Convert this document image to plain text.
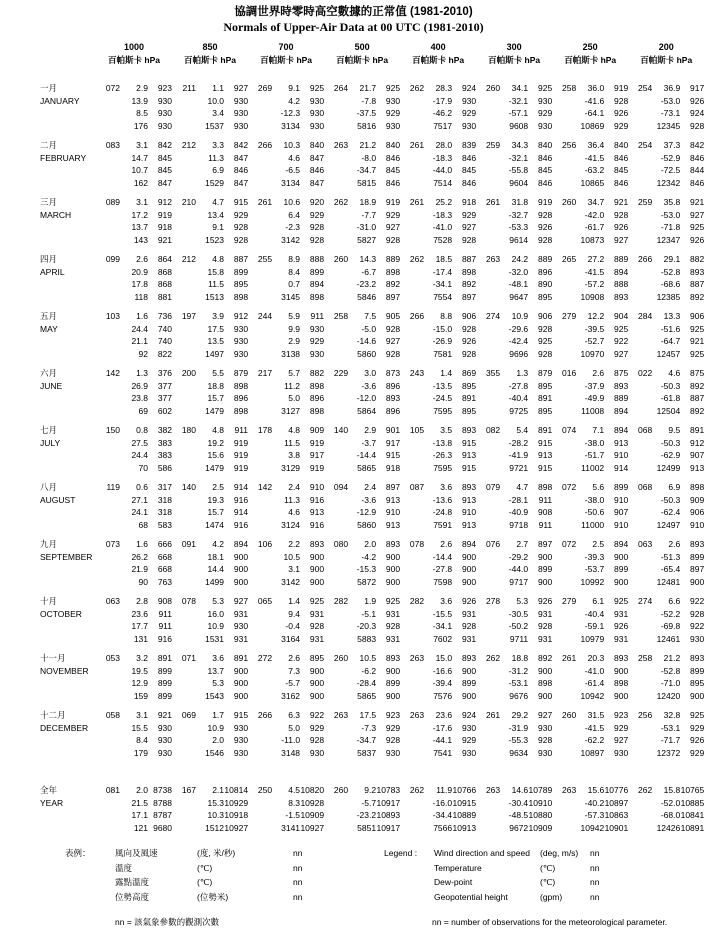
協調世界時零時高空數據的正常值 (1981-2010)
Normals of Upper-Air Data at 00 UTC (1981-2010)
	1000			850			700			500			400			300			250			200		
	百帕斯卡 hPa			百帕斯卡 hPa			百帕斯卡 hPa			百帕斯卡 hPa			百帕斯卡 hPa			百帕斯卡 hPa			百帕斯卡 hPa			百帕斯卡 hPa		

一月	072	2.9	923	211	1.1	927	269	9.1	925	264	21.7	925	262	28.3	924	260	34.1	925	258	36.0	919	254	36.9	917
JANUARY		13.9	930		10.0	930		4.2	930		-7.8	930		-17.9	930		-32.1	930		-41.6	928		-53.0	926
		8.5	930		3.4	930		-12.3	930		-37.5	929		-46.2	929		-57.1	929		-64.1	926		-73.1	924
		176	930		1537	930		3134	930		5816	930		7517	930		9608	930		10869	929		12345	928

二月	083	3.1	842	212	3.3	842	266	10.3	840	263	21.2	840	261	28.0	839	259	34.3	840	256	36.4	840	254	37.3	842
FEBRUARY		14.7	845		11.3	847		4.6	847		-8.0	846		-18.3	846		-32.1	846		-41.5	846		-52.9	846
		10.7	845		6.9	846		-6.5	846		-34.7	845		-44.0	845		-55.8	845		-63.2	845		-72.5	844
		162	847		1529	847		3134	847		5815	846		7514	846		9604	846		10865	846		12342	846

三月	089	3.1	912	210	4.7	915	261	10.6	920	262	18.9	919	261	25.2	918	261	31.8	919	260	34.7	921	259	35.8	921
MARCH		17.2	919		13.4	929		6.4	929		-7.7	929		-18.3	929		-32.7	928		-42.0	928		-53.0	927
		13.7	918		9.1	928		-2.3	928		-31.0	927		-41.0	927		-53.3	926		-61.7	926		-71.8	925
		143	921		1523	928		3142	928		5827	928		7528	928		9614	928		10873	927		12347	926

四月	099	2.6	864	212	4.8	887	255	8.9	888	260	14.3	889	262	18.5	887	263	24.2	889	265	27.2	889	266	29.1	882
APRIL		20.9	868		15.8	899		8.4	899		-6.7	898		-17.4	898		-32.0	896		-41.5	894		-52.8	893
		17.8	868		11.5	895		0.7	894		-23.2	892		-34.1	892		-48.1	890		-57.2	888		-68.6	887
		118	881		1513	898		3145	898		5846	897		7554	897		9647	895		10908	893		12385	892

五月	103	1.6	736	197	3.9	912	244	5.9	911	258	7.5	905	266	8.8	906	274	10.9	906	279	12.2	904	284	13.3	906
MAY		24.4	740		17.5	930		9.9	930		-5.0	928		-15.0	928		-29.6	928		-39.5	925		-51.6	925
		21.1	740		13.5	930		2.9	929		-14.6	927		-26.9	926		-42.4	925		-52.7	922		-64.7	921
		92	822		1497	930		3138	930		5860	928		7581	928		9696	928		10970	927		12457	925

六月	142	1.3	376	200	5.5	879	217	5.7	882	229	3.0	873	243	1.4	869	355	1.3	879	016	2.6	875	022	4.6	875
JUNE		26.9	377		18.8	898		11.2	898		-3.6	896		-13.5	895		-27.8	895		-37.9	893		-50.3	892
		23.8	377		15.7	896		5.0	896		-12.0	893		-24.5	891		-40.4	891		-49.9	889		-61.8	887
		69	602		1479	898		3127	898		5864	896		7595	895		9725	895		11008	894		12504	892

七月	150	0.8	382	180	4.8	911	178	4.8	909	140	2.9	901	105	3.5	893	082	5.4	891	074	7.1	894	068	9.5	891
JULY		27.5	383		19.2	919		11.5	919		-3.7	917		-13.8	915		-28.2	915		-38.0	913		-50.3	912
		24.4	383		15.6	919		3.8	917		-14.4	915		-26.3	913		-41.9	913		-51.7	910		-62.9	907
		70	586		1479	919		3129	919		5865	918		7595	915		9721	915		11002	914		12499	913

八月	119	0.6	317	140	2.5	914	142	2.4	910	094	2.4	897	087	3.6	893	079	4.7	898	072	5.6	899	068	6.9	898
AUGUST		27.1	318		19.3	916		11.3	916		-3.6	913		-13.6	913		-28.1	911		-38.0	910		-50.3	909
		24.1	318		15.7	914		4.6	913		-12.9	910		-24.8	910		-40.9	908		-50.6	907		-62.4	906
		68	583		1474	916		3124	916		5860	913		7591	913		9718	911		11000	910		12497	910

九月	073	1.6	666	091	4.2	894	106	2.2	893	080	2.0	893	078	2.6	894	076	2.7	897	072	2.5	894	063	2.6	893
SEPTEMBER		26.2	668		18.1	900		10.5	900		-4.2	900		-14.4	900		-29.2	900		-39.3	900		-51.3	899
		21.9	668		14.4	900		3.1	900		-15.3	900		-27.8	900		-44.0	899		-53.7	899		-65.4	897
		90	763		1499	900		3142	900		5872	900		7598	900		9717	900		10992	900		12481	900

十月	063	2.8	908	078	5.3	927	065	1.4	925	282	1.9	925	282	3.6	926	278	5.3	926	279	6.1	925	274	6.6	922
OCTOBER		23.6	911		16.0	931		9.4	931		-5.1	931		-15.5	931		-30.5	931		-40.4	931		-52.2	928
		17.7	911		10.9	930		-0.4	928		-20.3	928		-34.1	928		-50.2	928		-59.1	926		-69.8	922
		131	916		1531	931		3164	931		5883	931		7602	931		9711	931		10979	931		12461	930

十一月	053	3.2	891	071	3.6	891	272	2.6	895	260	10.5	893	263	15.0	893	262	18.8	892	261	20.3	893	258	21.2	893
NOVEMBER		19.5	899		13.7	900		7.3	900		-6.2	900		-16.6	900		-31.2	900		-41.0	900		-52.8	899
		12.9	899		5.3	900		-5.7	900		-28.4	899		-39.4	899		-53.1	898		-61.4	898		-71.0	895
		159	899		1543	900		3162	900		5865	900		7576	900		9676	900		10942	900		12420	900

十二月	058	3.1	921	069	1.7	915	266	6.3	922	263	17.5	923	263	23.6	924	261	29.2	927	260	31.5	923	256	32.8	925
DECEMBER		15.5	930		10.9	930		5.0	929		-7.3	929		-17.6	930		-31.9	930		-41.5	929		-53.1	929
		8.4	930		2.0	930		-11.0	928		-34.7	928		-44.1	929		-55.3	928		-62.2	927		-71.7	926
		179	930		1546	930		3148	930		5837	930		7541	930		9634	930		10897	930		12372	929

全年	081	2.0	8738	167	2.1	10814	250	4.5	10820	260	9.2	10783	262	11.9	10766	263	14.6	10789	263	15.6	10776	262	15.8	10765
YEAR		21.5	8788		15.3	10929		8.3	10928		-5.7	10917		-16.0	10915		-30.4	10910		-40.2	10897		-52.0	10885
		17.1	8787		10.3	10918		-1.5	10909		-23.2	10893		-34.4	10889		-48.5	10880		-57.3	10863		-68.0	10841
		121	9680		1512	10927		3141	10927		5851	10917		7566	10913		9672	10909		10942	10901		12426	10891
表例：	風向及風速	(度, 米/秒)	nn
	溫度	(℃)	nn
	露點溫度	(℃)	nn
	位勢高度	(位勢米)	nn
Legend :	Wind direction and speed	(deg, m/s)	nn
	Temperature	(℃)	nn
	Dew-point	(℃)	nn
	Geopotential height	(gpm)	nn
nn = 該氣象參數的觀測次數	nn = number of observations for the meteorological parameter.
